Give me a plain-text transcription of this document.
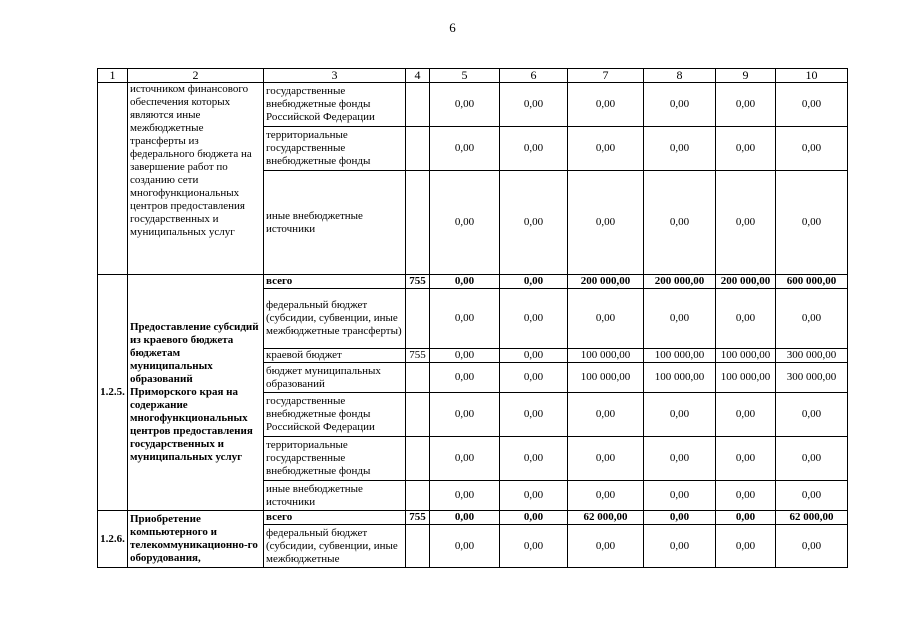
6
1	2	3	4	5	6	7	8	9	10
	источником финансового обеспечения которых являются иные межбюджетные трансферты из федерального бюджета на завершение работ по созданию сети многофункциональных центров предоставления государственных и муниципальных услуг	государственные внебюджетные фонды Российской Федерации		0,00	0,00	0,00	0,00	0,00	0,00
		территориальные государственные внебюджетные фонды		0,00	0,00	0,00	0,00	0,00	0,00
		иные внебюджетные источники		0,00	0,00	0,00	0,00	0,00	0,00
1.2.5.	Предоставление субсидий из краевого бюджета бюджетам муниципальных образований Приморского края на содержание многофункциональных центров предоставления государственных и муниципальных услуг	всего	755	0,00	0,00	200 000,00	200 000,00	200 000,00	600 000,00
		федеральный бюджет (субсидии, субвенции, иные межбюджетные трансферты)		0,00	0,00	0,00	0,00	0,00	0,00
		краевой бюджет	755	0,00	0,00	100 000,00	100 000,00	100 000,00	300 000,00
		бюджет муниципальных образований		0,00	0,00	100 000,00	100 000,00	100 000,00	300 000,00
		государственные внебюджетные фонды Российской Федерации		0,00	0,00	0,00	0,00	0,00	0,00
		территориальные государственные внебюджетные фонды		0,00	0,00	0,00	0,00	0,00	0,00
		иные внебюджетные источники		0,00	0,00	0,00	0,00	0,00	0,00
1.2.6.	Приобретение компьютерного и телекоммуникационно-го оборудования,	всего	755	0,00	0,00	62 000,00	0,00	0,00	62 000,00
		федеральный бюджет (субсидии, субвенции, иные межбюджетные		0,00	0,00	0,00	0,00	0,00	0,00
